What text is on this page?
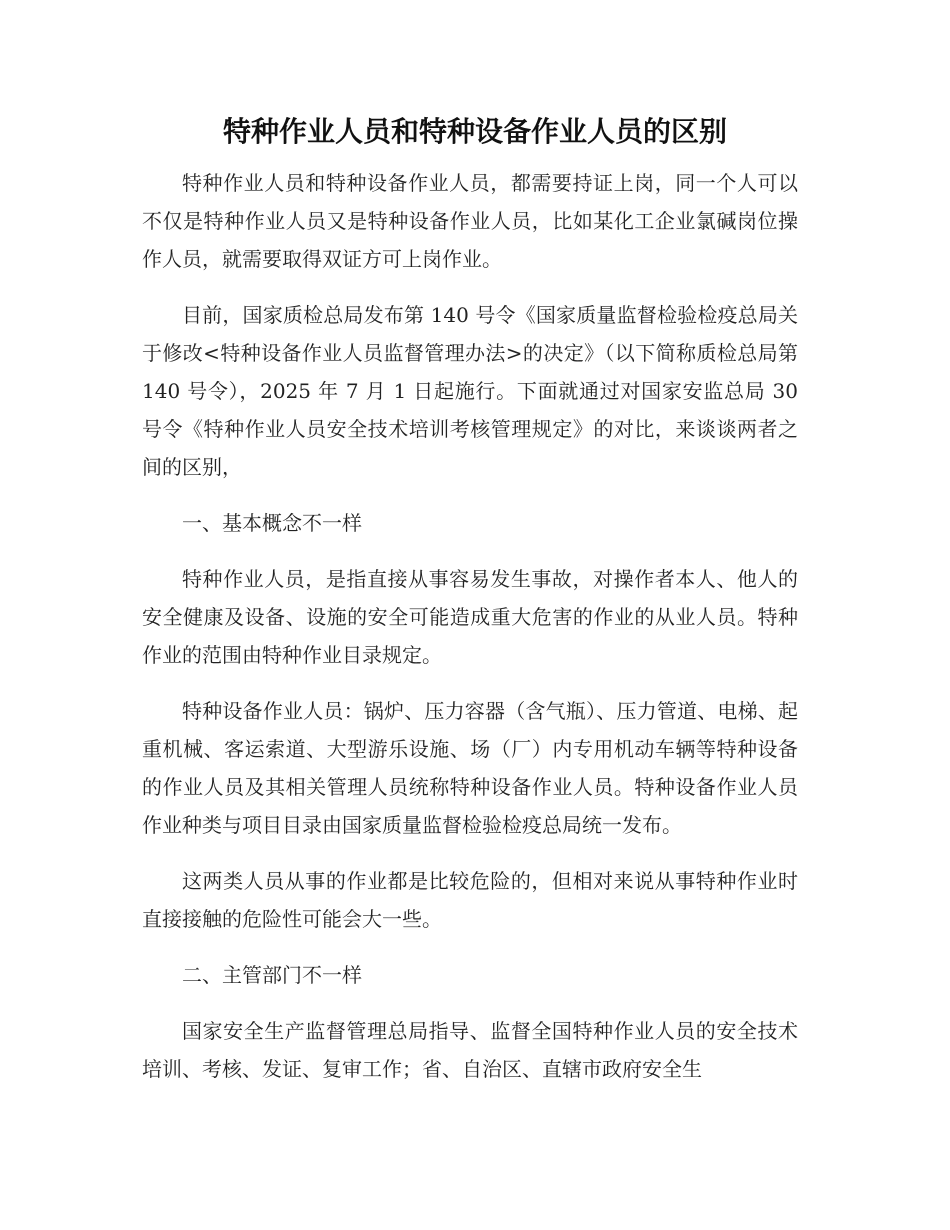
特种作业人员和特种设备作业人员的区别

特种作业人员和特种设备作业人员，都需要持证上岗，同一个人可以不仅是特种作业人员又是特种设备作业人员，比如某化工企业氯碱岗位操作人员，就需要取得双证方可上岗作业。

目前，国家质检总局发布第 140 号令《国家质量监督检验检疫总局关于修改<特种设备作业人员监督管理办法>的决定》（以下简称质检总局第 140 号令），2025 年 7 月 1 日起施行。下面就通过对国家安监总局 30 号令《特种作业人员安全技术培训考核管理规定》的对比，来谈谈两者之间的区别，

一、基本概念不一样

特种作业人员，是指直接从事容易发生事故，对操作者本人、他人的安全健康及设备、设施的安全可能造成重大危害的作业的从业人员。特种作业的范围由特种作业目录规定。

特种设备作业人员：锅炉、压力容器（含气瓶）、压力管道、电梯、起重机械、客运索道、大型游乐设施、场（厂）内专用机动车辆等特种设备的作业人员及其相关管理人员统称特种设备作业人员。特种设备作业人员作业种类与项目目录由国家质量监督检验检疫总局统一发布。

这两类人员从事的作业都是比较危险的，但相对来说从事特种作业时直接接触的危险性可能会大一些。

二、主管部门不一样

国家安全生产监督管理总局指导、监督全国特种作业人员的安全技术培训、考核、发证、复审工作；省、自治区、直辖市政府安全生
